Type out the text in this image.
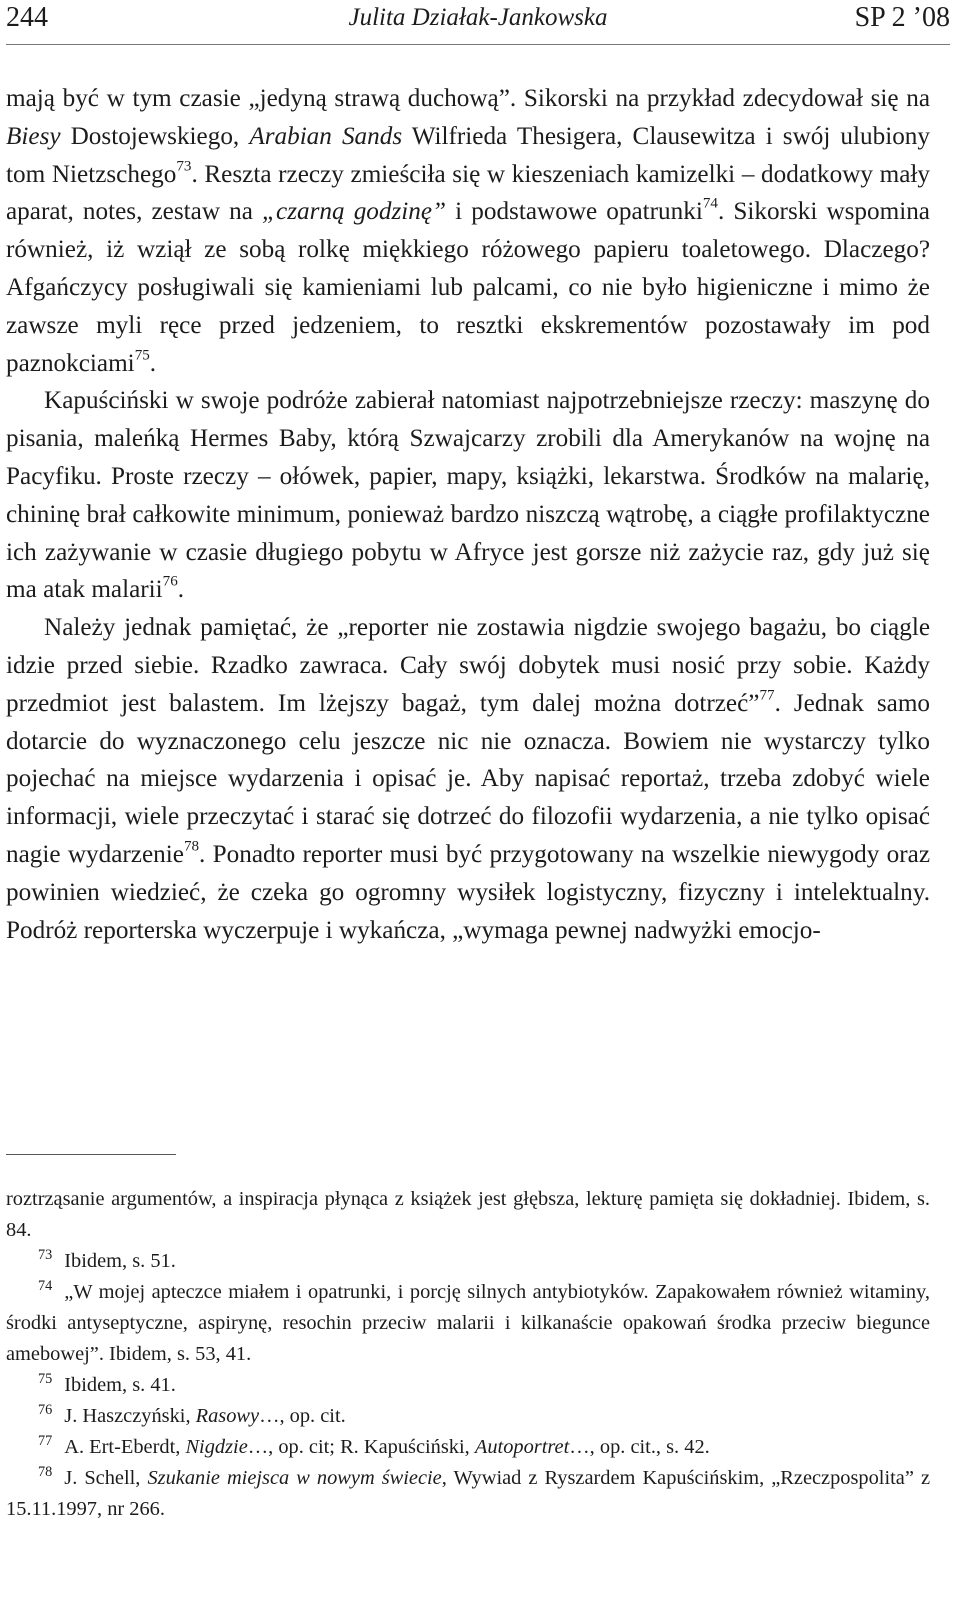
244	Julita Działak-Jankowska	SP 2 ’08

mają być w tym czasie „jedyną strawą duchową”. Sikorski na przykład zdecydował się na Biesy Dostojewskiego, Arabian Sands Wilfrieda Thesigera, Clausewitza i swój ulubiony tom Nietzschego$^{73}$. Reszta rzeczy zmieściła się w kieszeniach kamizelki – dodatkowy mały aparat, notes, zestaw na „czarną godzinę” i podstawowe opatrunki$^{74}$. Sikorski wspomina również, iż wziął ze sobą rolkę miękkiego różowego papieru toaletowego. Dlaczego? Afgańczycy posługiwali się kamieniami lub palcami, co nie było higieniczne i mimo że zawsze myli ręce przed jedzeniem, to resztki ekskrementów pozostawały im pod paznokciami$^{75}$.

Kapuściński w swoje podróże zabierał natomiast najpotrzebniejsze rzeczy: maszynę do pisania, maleńką Hermes Baby, którą Szwajcarzy zrobili dla Amerykanów na wojnę na Pacyfiku. Proste rzeczy – ołówek, papier, mapy, książki, lekarstwa. Środków na malarię, chininę brał całkowite minimum, ponieważ bardzo niszczą wątrobę, a ciągłe profilaktyczne ich zażywanie w czasie długiego pobytu w Afryce jest gorsze niż zażycie raz, gdy już się ma atak malarii$^{76}$.

Należy jednak pamiętać, że „reporter nie zostawia nigdzie swojego bagażu, bo ciągle idzie przed siebie. Rzadko zawraca. Cały swój dobytek musi nosić przy sobie. Każdy przedmiot jest balastem. Im lżejszy bagaż, tym dalej można dotrzeć”$^{77}$. Jednak samo dotarcie do wyznaczonego celu jeszcze nic nie oznacza. Bowiem nie wystarczy tylko pojechać na miejsce wydarzenia i opisać je. Aby napisać reportaż, trzeba zdobyć wiele informacji, wiele przeczytać i starać się dotrzeć do filozofii wydarzenia, a nie tylko opisać nagie wydarzenie$^{78}$. Ponadto reporter musi być przygotowany na wszelkie niewygody oraz powinien wiedzieć, że czeka go ogromny wysiłek logistyczny, fizyczny i intelektualny. Podróż reporterska wyczerpuje i wykańcza, „wymaga pewnej nadwyżki emocjo-

roztrząsanie argumentów, a inspiracja płynąca z książek jest głębsza, lekturę pamięta się dokładniej. Ibidem, s. 84.

$^{73}$ Ibidem, s. 51.

$^{74}$ „W mojej apteczce miałem i opatrunki, i porcję silnych antybiotyków. Zapakowałem również witaminy, środki antyseptyczne, aspirynę, resochin przeciw malarii i kilkanaście opakowań środka przeciw biegunce amebowej”. Ibidem, s. 53, 41.

$^{75}$ Ibidem, s. 41.

$^{76}$ J. Haszczyński, Rasowy…, op. cit.

$^{77}$ A. Ert-Eberdt, Nigdzie…, op. cit; R. Kapuściński, Autoportret…, op. cit., s. 42.

$^{78}$ J. Schell, Szukanie miejsca w nowym świecie, Wywiad z Ryszardem Kapuścińskim, „Rzeczpospolita” z 15.11.1997, nr 266.
